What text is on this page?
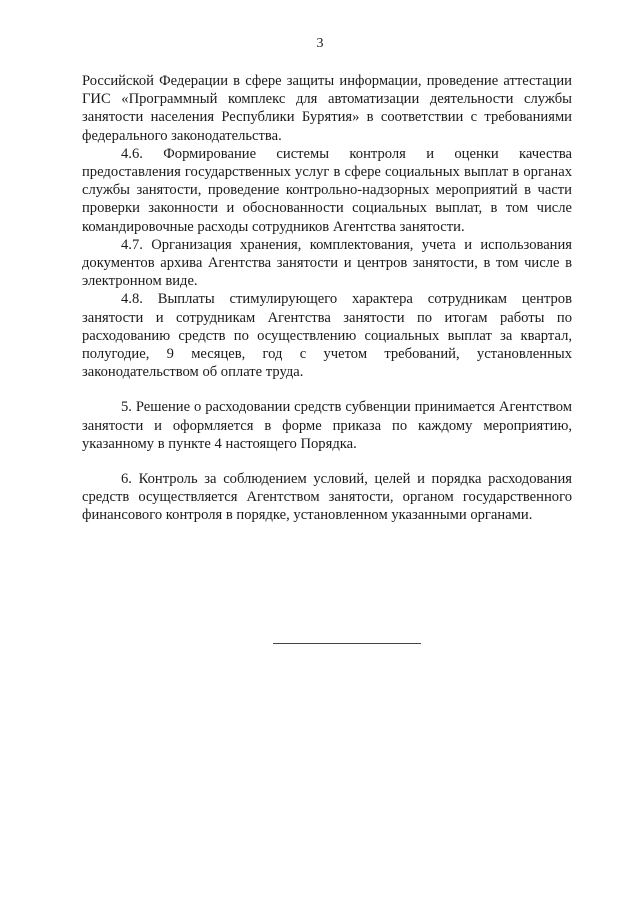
3

Российской Федерации в сфере защиты информации, проведение аттестации ГИС «Программный комплекс для автоматизации деятельности службы занятости населения Республики Бурятия» в соответствии с требованиями федерального законодательства.

4.6. Формирование системы контроля и оценки качества предоставления государственных услуг в сфере социальных выплат в органах службы занятости, проведение контрольно-надзорных мероприятий в части проверки законности и обоснованности социальных выплат, в том числе командировочные расходы сотрудников Агентства занятости.

4.7. Организация хранения, комплектования, учета и использования документов архива Агентства занятости и центров занятости, в том числе в электронном виде.

4.8. Выплаты стимулирующего характера сотрудникам центров занятости и сотрудникам Агентства занятости по итогам работы по расходованию средств по осуществлению социальных выплат за квартал, полугодие, 9 месяцев, год с учетом требований, установленных законодательством об оплате труда.

5. Решение о расходовании средств субвенции принимается Агентством занятости и оформляется в форме приказа по каждому мероприятию, указанному в пункте 4 настоящего Порядка.

6. Контроль за соблюдением условий, целей и порядка расходования средств осуществляется Агентством занятости, органом государственного финансового контроля в порядке, установленном указанными органами.
